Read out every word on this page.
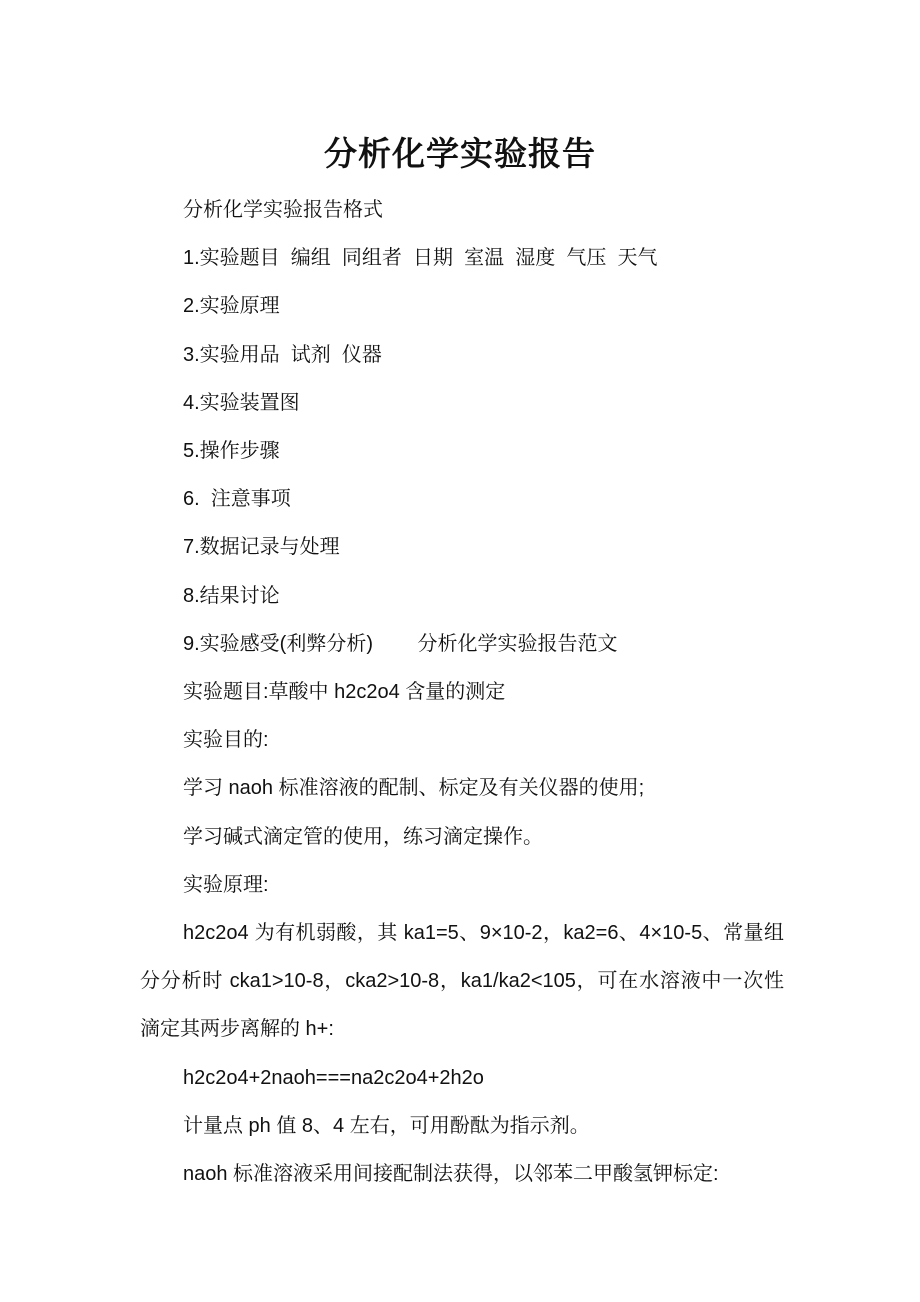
分析化学实验报告

分析化学实验报告格式

1.实验题目  编组  同组者  日期  室温  湿度  气压  天气

2.实验原理

3.实验用品  试剂  仪器

4.实验装置图

5.操作步骤

6.  注意事项

7.数据记录与处理

8.结果讨论

9.实验感受(利弊分析)        分析化学实验报告范文

实验题目:草酸中 h2c2o4 含量的测定

实验目的:

学习 naoh 标准溶液的配制、标定及有关仪器的使用;

学习碱式滴定管的使用，练习滴定操作。

实验原理:

h2c2o4 为有机弱酸，其 ka1=5、9×10-2，ka2=6、4×10-5、常量组分分析时 cka1>10-8，cka2>10-8，ka1/ka2<105，可在水溶液中一次性滴定其两步离解的 h+:

h2c2o4+2naoh===na2c2o4+2h2o

计量点 ph 值 8、4 左右，可用酚酞为指示剂。

naoh 标准溶液采用间接配制法获得，以邻苯二甲酸氢钾标定:
